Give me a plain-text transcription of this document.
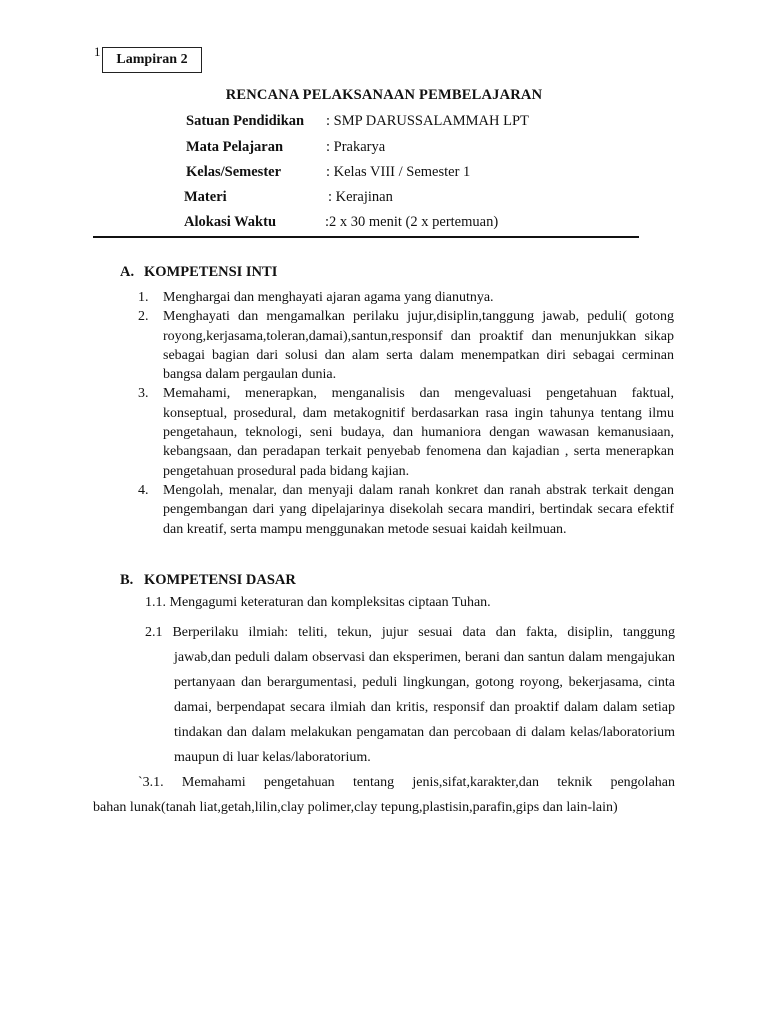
1
Lampiran 2
RENCANA PELAKSANAAN PEMBELAJARAN
Satuan Pendidikan : SMP DARUSSALAMMAH LPT
Mata Pelajaran	: Prakarya
Kelas/Semester	: Kelas VIII / Semester 1
Materi	: Kerajinan
Alokasi Waktu	:2 x 30 menit (2 x pertemuan)
A. KOMPETENSI INTI
1. Menghargai dan menghayati ajaran agama yang dianutnya.
2. Menghayati dan mengamalkan perilaku jujur,disiplin,tanggung jawab, peduli( gotong royong,kerjasama,toleran,damai),santun,responsif dan proaktif dan menunjukkan sikap sebagai bagian dari solusi dan alam serta dalam menempatkan diri sebagai cerminan bangsa dalam pergaulan dunia.
3. Memahami, menerapkan, menganalisis dan mengevaluasi pengetahuan faktual, konseptual, prosedural, dam metakognitif berdasarkan rasa ingin tahunya tentang ilmu pengetahaun, teknologi, seni budaya, dan humaniora dengan wawasan kemanusiaan, kebangsaan, dan peradapan terkait penyebab fenomena dan kajadian , serta menerapkan pengetahuan prosedural pada bidang kajian.
4. Mengolah, menalar, dan menyaji dalam ranah konkret dan ranah abstrak terkait dengan pengembangan dari yang dipelajarinya disekolah secara mandiri, bertindak secara efektif dan kreatif, serta mampu menggunakan metode sesuai kaidah keilmuan.
B. KOMPETENSI DASAR
1.1. Mengagumi keteraturan dan kompleksitas ciptaan Tuhan.
2.1 Berperilaku ilmiah: teliti, tekun, jujur sesuai data dan fakta, disiplin, tanggung
jawab,dan peduli dalam observasi dan eksperimen, berani dan santun dalam mengajukan pertanyaan dan berargumentasi, peduli lingkungan, gotong royong, bekerjasama, cinta damai, berpendapat secara ilmiah dan kritis, responsif dan proaktif dalam dalam setiap tindakan dan dalam melakukan pengamatan dan percobaan di dalam kelas/laboratorium maupun di luar kelas/laboratorium.
`3.1. Memahami pengetahuan tentang jenis,sifat,karakter,dan teknik pengolahan
bahan lunak(tanah liat,getah,lilin,clay polimer,clay tepung,plastisin,parafin,gips dan lain-lain)
